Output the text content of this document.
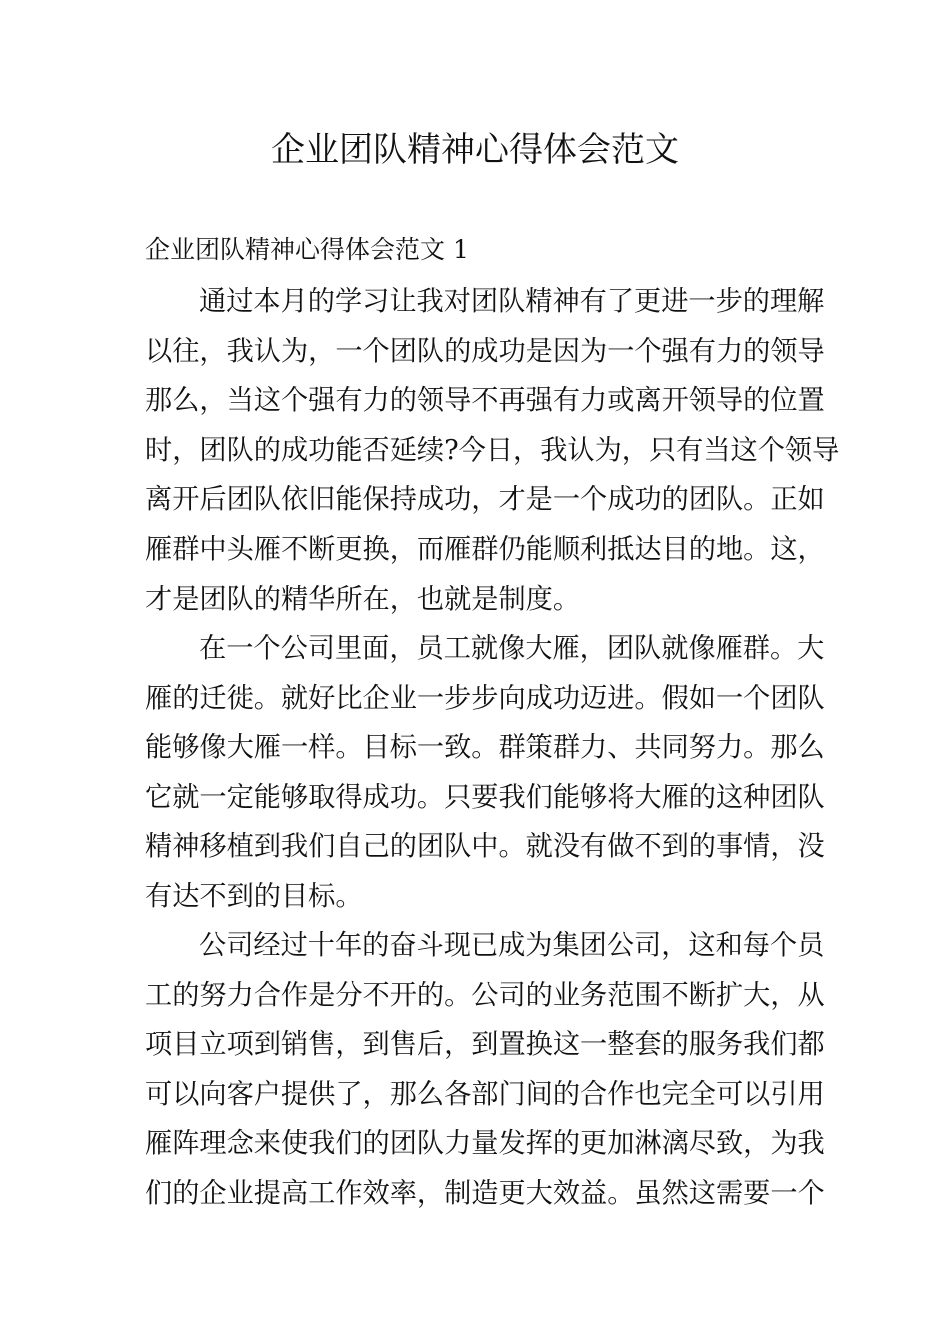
企业团队精神心得体会范文
企业团队精神心得体会范文 1
通过本月的学习让我对团队精神有了更进一步的理解
以往，我认为，一个团队的成功是因为一个强有力的领导
那么，当这个强有力的领导不再强有力或离开领导的位置
时，团队的成功能否延续?今日，我认为，只有当这个领导
离开后团队依旧能保持成功，才是一个成功的团队。正如
雁群中头雁不断更换，而雁群仍能顺利抵达目的地。这，
才是团队的精华所在，也就是制度。
在一个公司里面，员工就像大雁，团队就像雁群。大
雁的迁徙。就好比企业一步步向成功迈进。假如一个团队
能够像大雁一样。目标一致。群策群力、共同努力。那么
它就一定能够取得成功。只要我们能够将大雁的这种团队
精神移植到我们自己的团队中。就没有做不到的事情，没
有达不到的目标。
公司经过十年的奋斗现已成为集团公司，这和每个员
工的努力合作是分不开的。公司的业务范围不断扩大，从
项目立项到销售，到售后，到置换这一整套的服务我们都
可以向客户提供了，那么各部门间的合作也完全可以引用
雁阵理念来使我们的团队力量发挥的更加淋漓尽致，为我
们的企业提高工作效率，制造更大效益。虽然这需要一个
